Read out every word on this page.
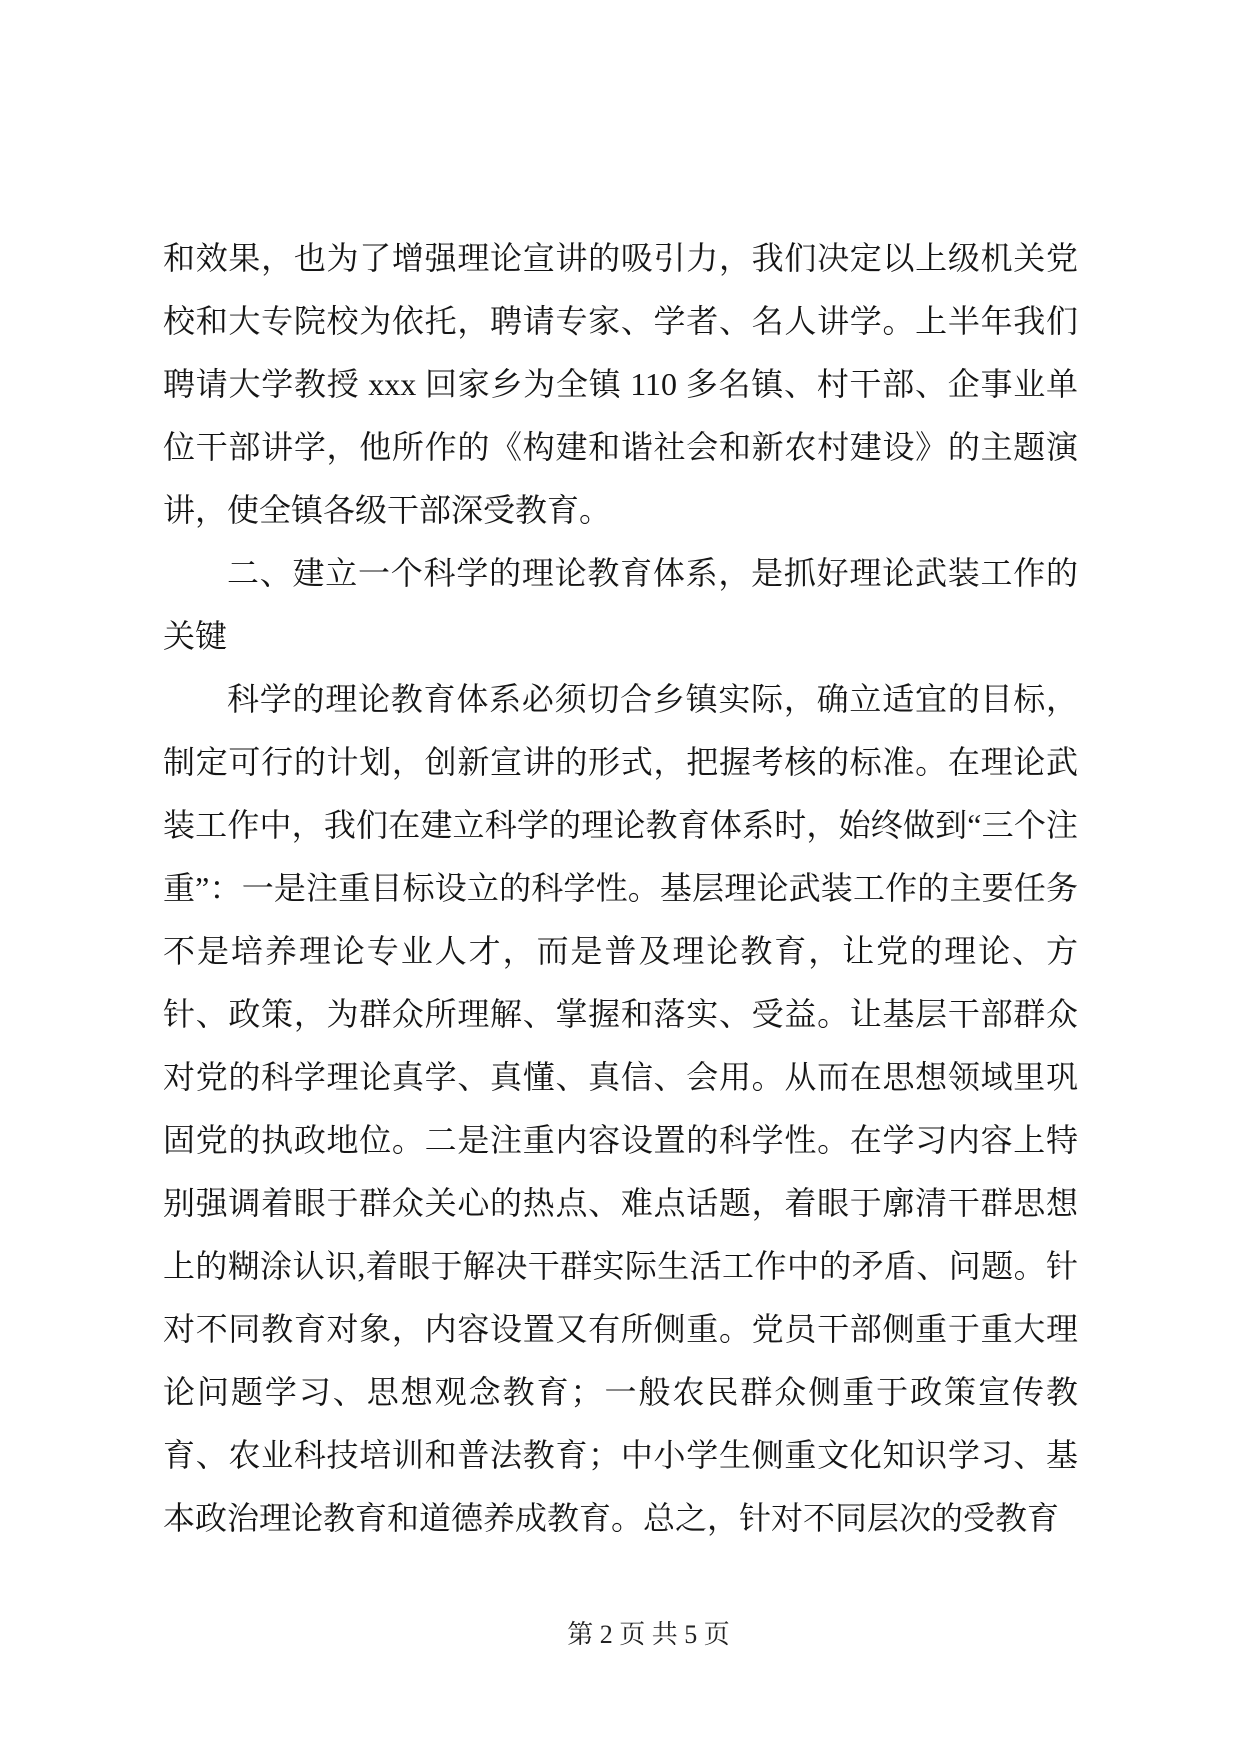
和效果，也为了增强理论宣讲的吸引力，我们决定以上级机关党校和大专院校为依托，聘请专家、学者、名人讲学。上半年我们聘请大学教授 xxx 回家乡为全镇 110 多名镇、村干部、企事业单位干部讲学，他所作的《构建和谐社会和新农村建设》的主题演讲，使全镇各级干部深受教育。

二、建立一个科学的理论教育体系，是抓好理论武装工作的关键

科学的理论教育体系必须切合乡镇实际，确立适宜的目标，制定可行的计划，创新宣讲的形式，把握考核的标准。在理论武装工作中，我们在建立科学的理论教育体系时，始终做到“三个注重”：一是注重目标设立的科学性。基层理论武装工作的主要任务不是培养理论专业人才，而是普及理论教育，让党的理论、方针、政策，为群众所理解、掌握和落实、受益。让基层干部群众对党的科学理论真学、真懂、真信、会用。从而在思想领域里巩固党的执政地位。二是注重内容设置的科学性。在学习内容上特别强调着眼于群众关心的热点、难点话题，着眼于廓清干群思想上的糊涂认识,着眼于解决干群实际生活工作中的矛盾、问题。针对不同教育对象，内容设置又有所侧重。党员干部侧重于重大理论问题学习、思想观念教育；一般农民群众侧重于政策宣传教育、农业科技培训和普法教育；中小学生侧重文化知识学习、基本政治理论教育和道德养成教育。总之，针对不同层次的受教育

第 2 页 共 5 页
